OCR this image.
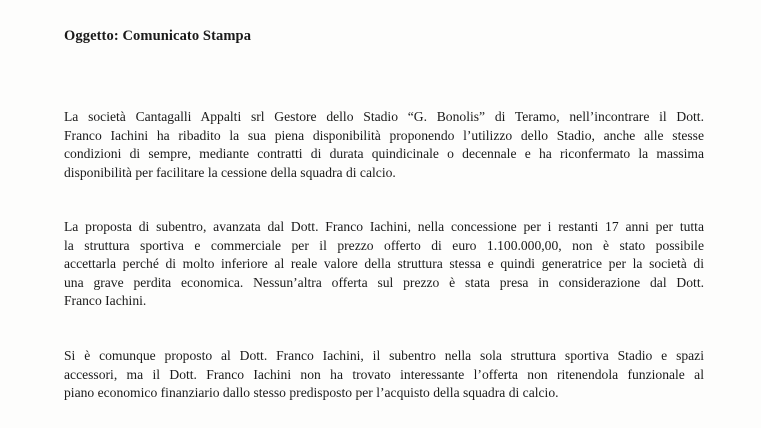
Oggetto: Comunicato Stampa
La società Cantagalli Appalti srl Gestore dello Stadio “G. Bonolis” di Teramo, nell’incontrare il Dott.
Franco Iachini ha ribadito la sua piena disponibilità proponendo l’utilizzo dello Stadio, anche alle stesse
condizioni di sempre, mediante contratti di durata quindicinale o decennale e ha riconfermato la massima
disponibilità per facilitare la cessione della squadra di calcio.
La proposta di subentro, avanzata dal Dott. Franco Iachini, nella concessione per i restanti 17 anni per tutta
la struttura sportiva e commerciale per il prezzo offerto di euro 1.100.000,00, non è stato possibile
accettarla perché di molto inferiore al reale valore della struttura stessa e quindi generatrice per la società di
una grave perdita economica. Nessun’altra offerta sul prezzo è stata presa in considerazione dal Dott.
Franco Iachini.
Si è comunque proposto al Dott. Franco Iachini, il subentro nella sola struttura sportiva Stadio e spazi
accessori, ma il Dott. Franco Iachini non ha trovato interessante l’offerta non ritenendola funzionale al
piano economico finanziario dallo stesso predisposto per l’acquisto della squadra di calcio.
